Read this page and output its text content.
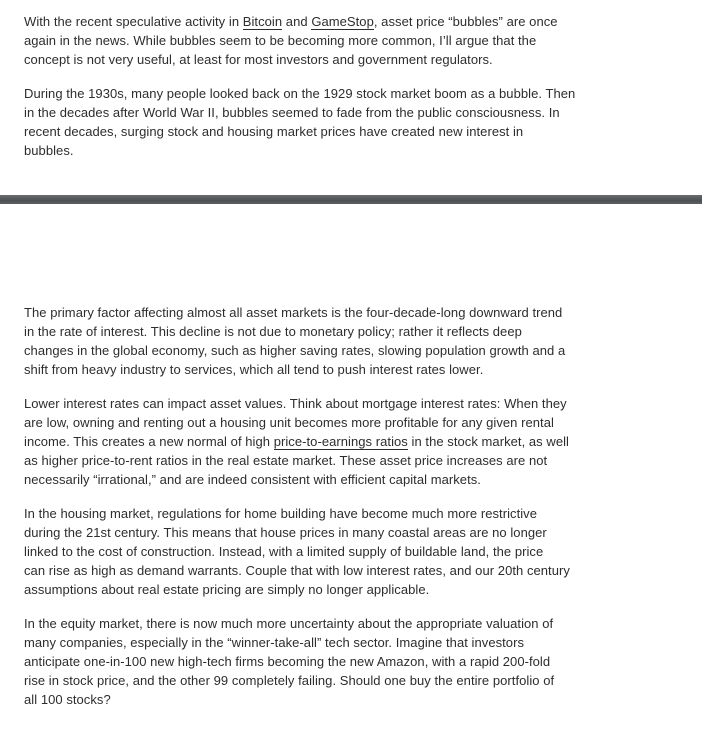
With the recent speculative activity in Bitcoin and GameStop, asset price “bubbles” are once
again in the news. While bubbles seem to be becoming more common, I’ll argue that the
concept is not very useful, at least for most investors and government regulators.

During the 1930s, many people looked back on the 1929 stock market boom as a bubble. Then
in the decades after World War II, bubbles seemed to fade from the public consciousness. In
recent decades, surging stock and housing market prices have created new interest in
bubbles.

The primary factor affecting almost all asset markets is the four-decade-long downward trend
in the rate of interest. This decline is not due to monetary policy; rather it reflects deep
changes in the global economy, such as higher saving rates, slowing population growth and a
shift from heavy industry to services, which all tend to push interest rates lower.

Lower interest rates can impact asset values. Think about mortgage interest rates: When they
are low, owning and renting out a housing unit becomes more profitable for any given rental
income. This creates a new normal of high price-to-earnings ratios in the stock market, as well
as higher price-to-rent ratios in the real estate market. These asset price increases are not
necessarily “irrational,” and are indeed consistent with efficient capital markets.

In the housing market, regulations for home building have become much more restrictive
during the 21st century. This means that house prices in many coastal areas are no longer
linked to the cost of construction. Instead, with a limited supply of buildable land, the price
can rise as high as demand warrants. Couple that with low interest rates, and our 20th century
assumptions about real estate pricing are simply no longer applicable.

In the equity market, there is now much more uncertainty about the appropriate valuation of
many companies, especially in the “winner-take-all” tech sector. Imagine that investors
anticipate one-in-100 new high-tech firms becoming the new Amazon, with a rapid 200-fold
rise in stock price, and the other 99 completely failing. Should one buy the entire portfolio of
all 100 stocks?
